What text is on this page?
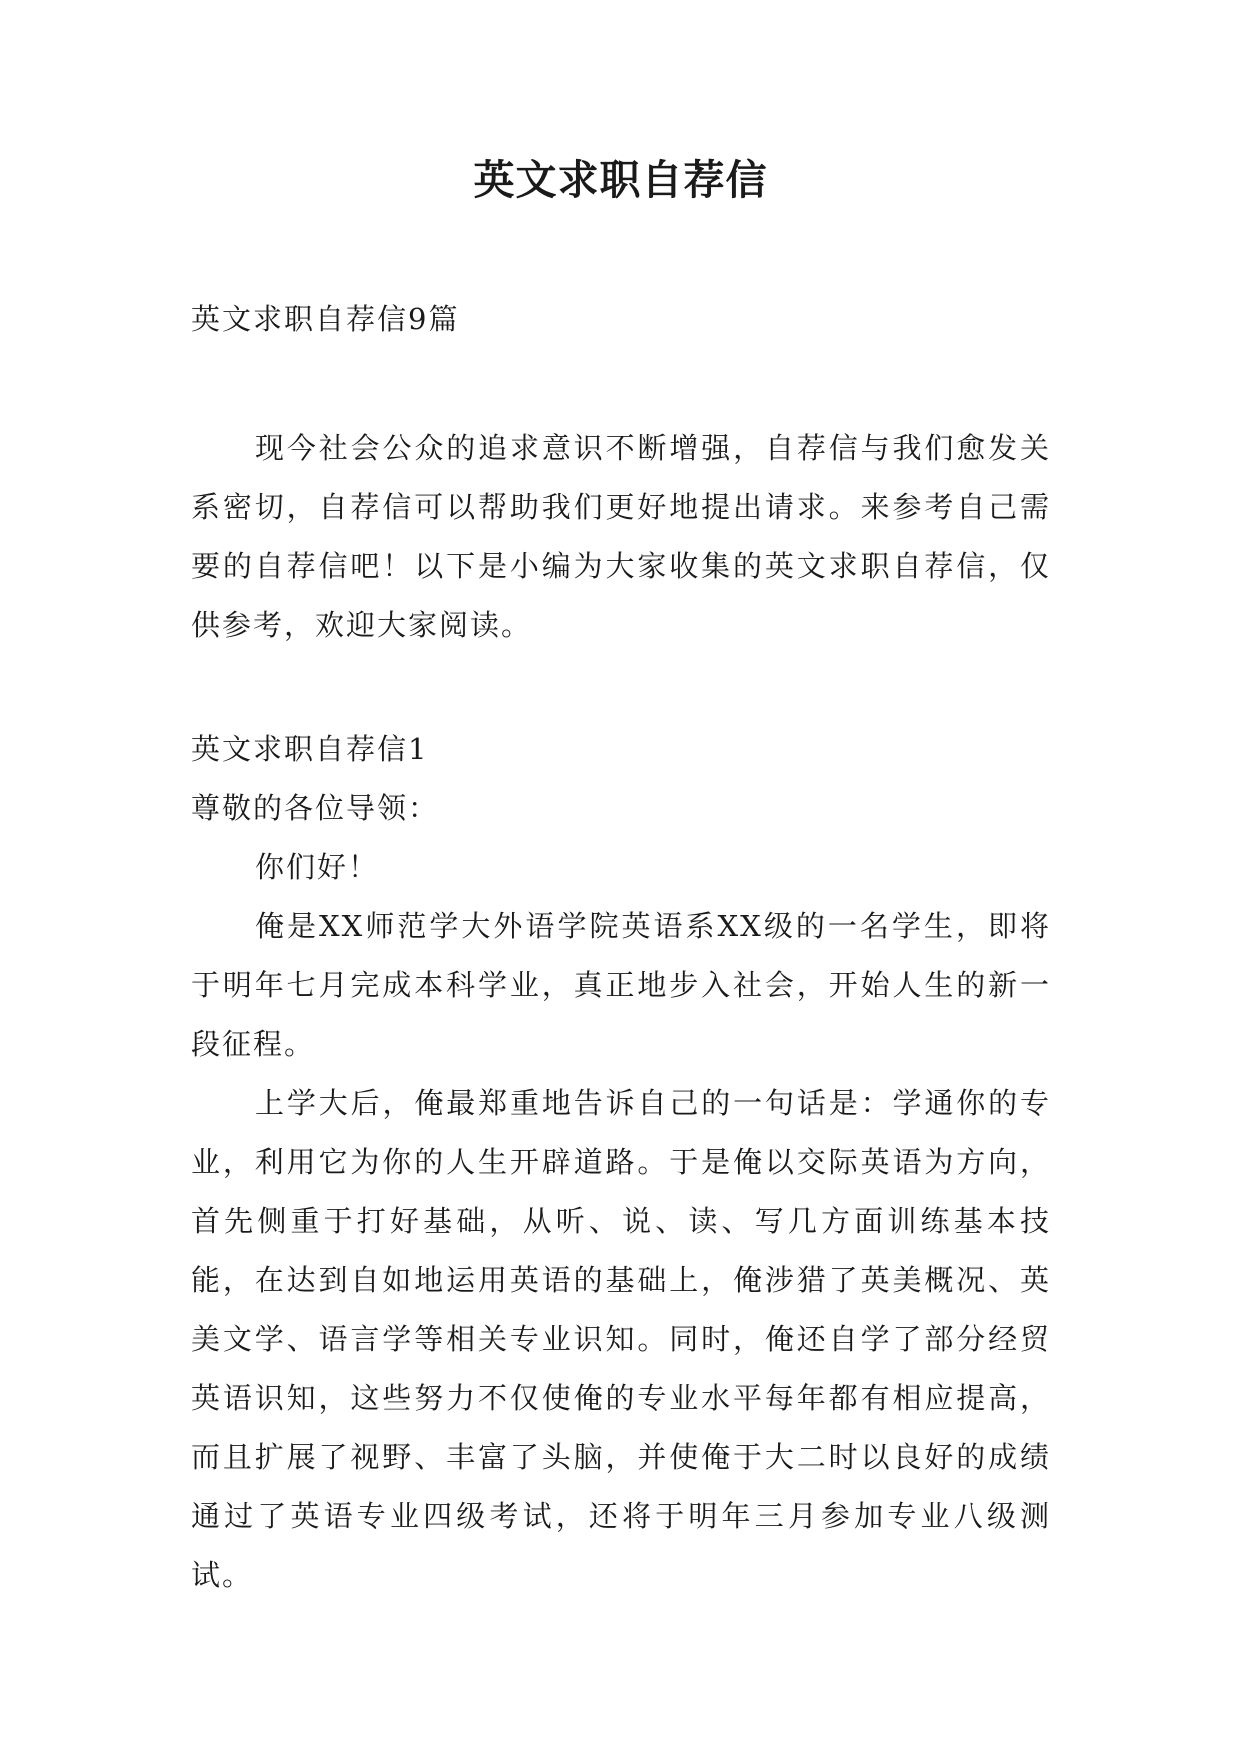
英文求职自荐信

英文求职自荐信9篇

现今社会公众的追求意识不断增强，自荐信与我们愈发关系密切，自荐信可以帮助我们更好地提出请求。来参考自己需要的自荐信吧！以下是小编为大家收集的英文求职自荐信，仅供参考，欢迎大家阅读。

英文求职自荐信1

尊敬的各位导领：

你们好！

俺是XX师范学大外语学院英语系XX级的一名学生，即将于明年七月完成本科学业，真正地步入社会，开始人生的新一段征程。

上学大后，俺最郑重地告诉自己的一句话是：学通你的专业，利用它为你的人生开辟道路。于是俺以交际英语为方向，首先侧重于打好基础，从听、说、读、写几方面训练基本技能，在达到自如地运用英语的基础上，俺涉猎了英美概况、英美文学、语言学等相关专业识知。同时，俺还自学了部分经贸英语识知，这些努力不仅使俺的专业水平每年都有相应提高，而且扩展了视野、丰富了头脑，并使俺于大二时以良好的成绩通过了英语专业四级考试，还将于明年三月参加专业八级测试。
